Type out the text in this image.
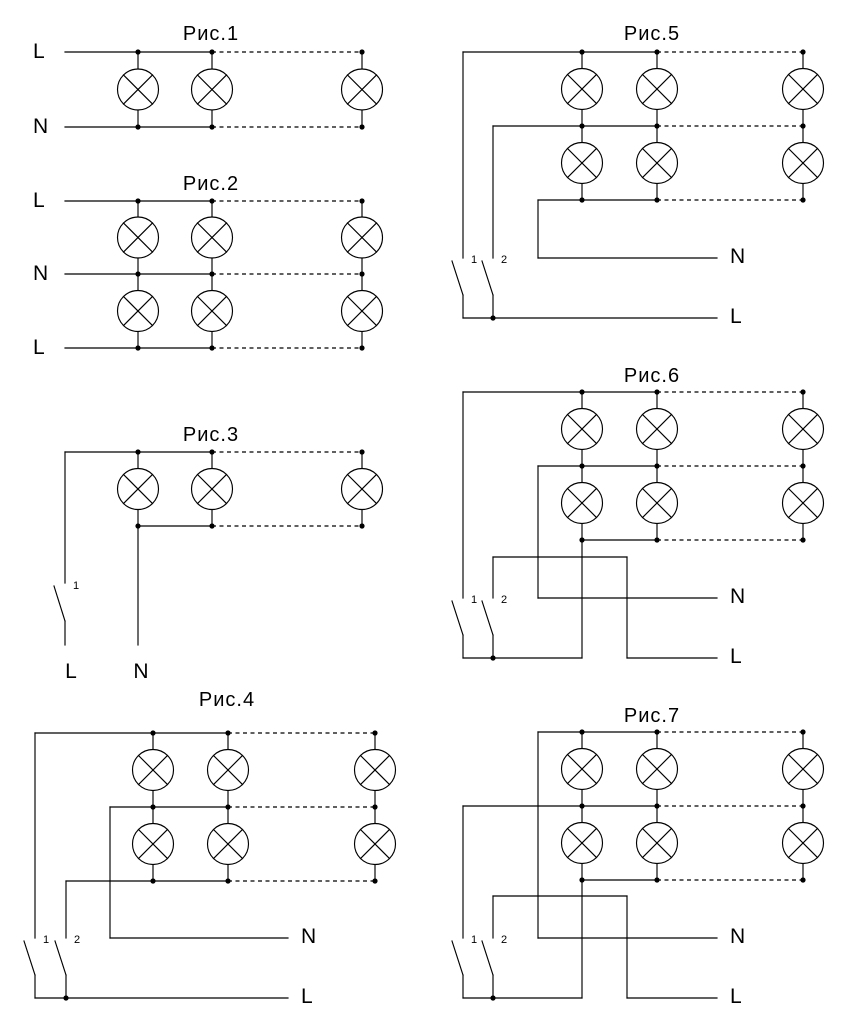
Рис.1
L
N
Рис.2
L
N
L
Рис.3
1
L	N
Рис.4
1 2	N
L
Рис.5
1 2	N
L
Рис.6
1 2	N
L
Рис.7
1 2	N
L
